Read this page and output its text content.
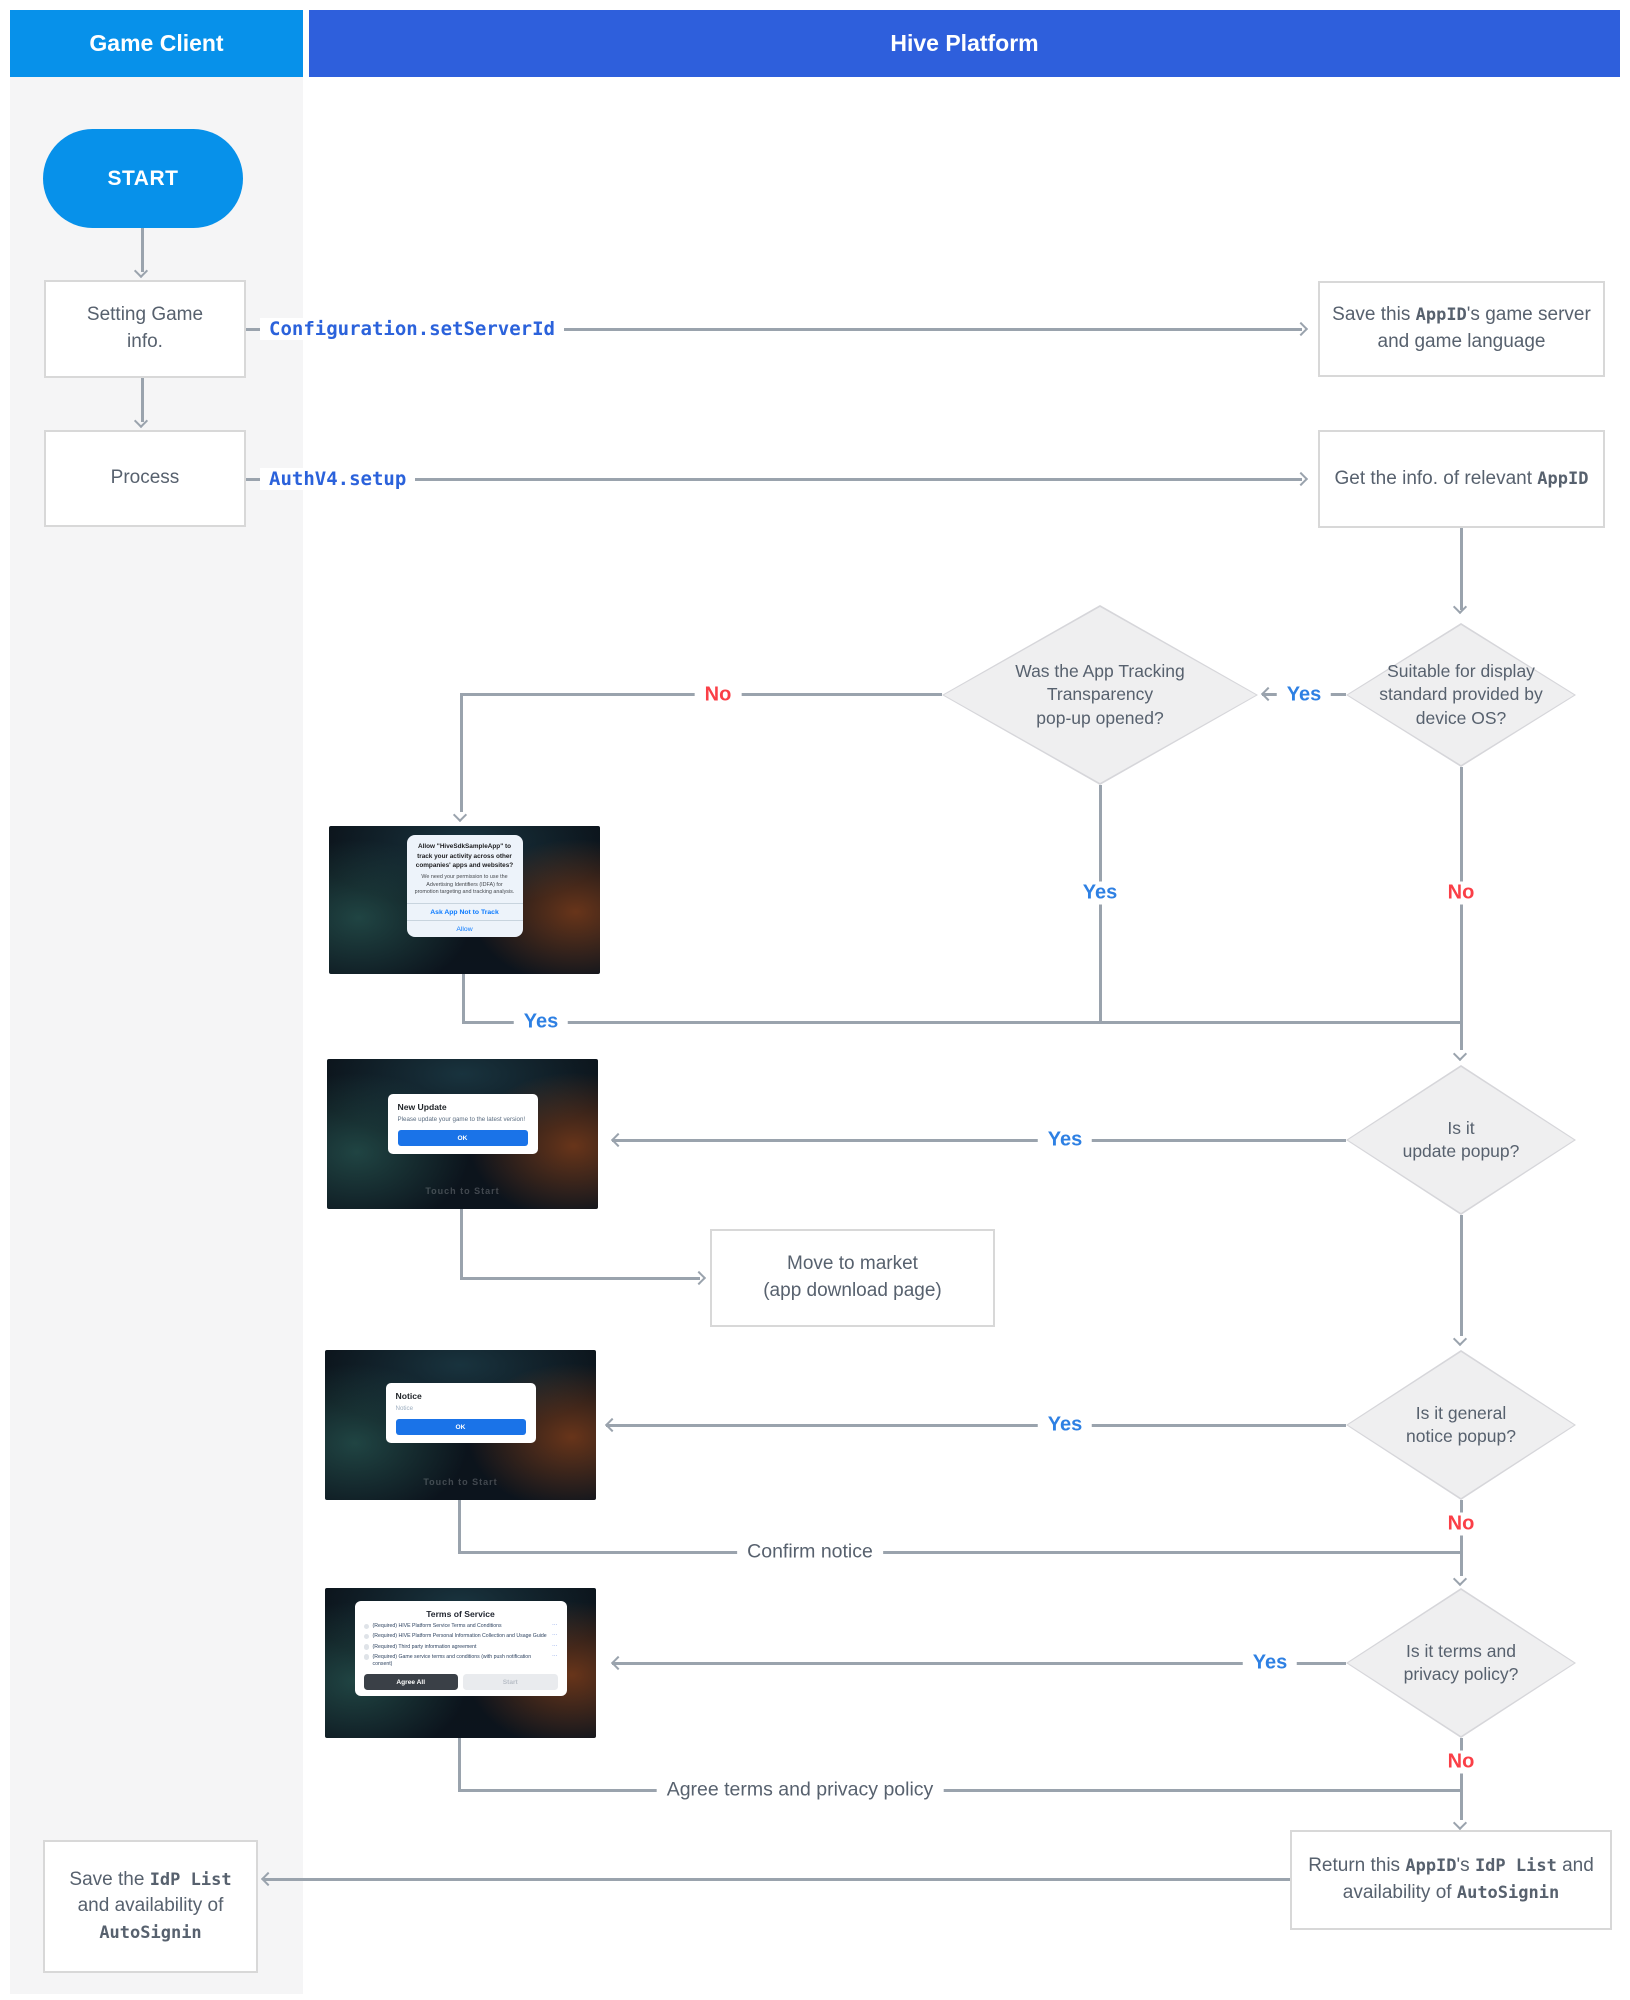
Game Client	Hive Platform
START
Setting Game
info.
Process
Configuration.setServerId
Save this AppID's game server and game language
AuthV4.setup	Get the info. of relevant AppID
Suitable for display
standard provided by
device OS?
Was the App Tracking
Transparency
pop-up opened?
Yes
No
Allow "HiveSdkSampleApp" to track your activity across other companies' apps and websites?
We need your permission to use the Advertising Identifiers (IDFA) for promotion targeting and tracking analysis.
Ask App Not to Track
Allow
Yes
Yes	No
Is it
update popup?
Yes
New Update
Please update your game to the latest version!
OK
Touch to Start
Move to market
(app download page)
Is it general
notice popup?
Yes
Notice
Notice
OK
Touch to Start
Confirm notice
No
Is it terms and
privacy policy?
Yes
Terms of Service
(Required) HIVE Platform Service Terms and Conditions	⋯
(Required) HIVE Platform Personal Information Collection and Usage Guide ⋯
(Required) Third party information agreement	⋯
(Required) Game service terms and conditions (with push notification consent)
⋯
Agree All	Start
Agree terms and privacy policy
No
Return this AppID's IdP List and availability of AutoSignin
Save the IdP List and availability of AutoSignin
